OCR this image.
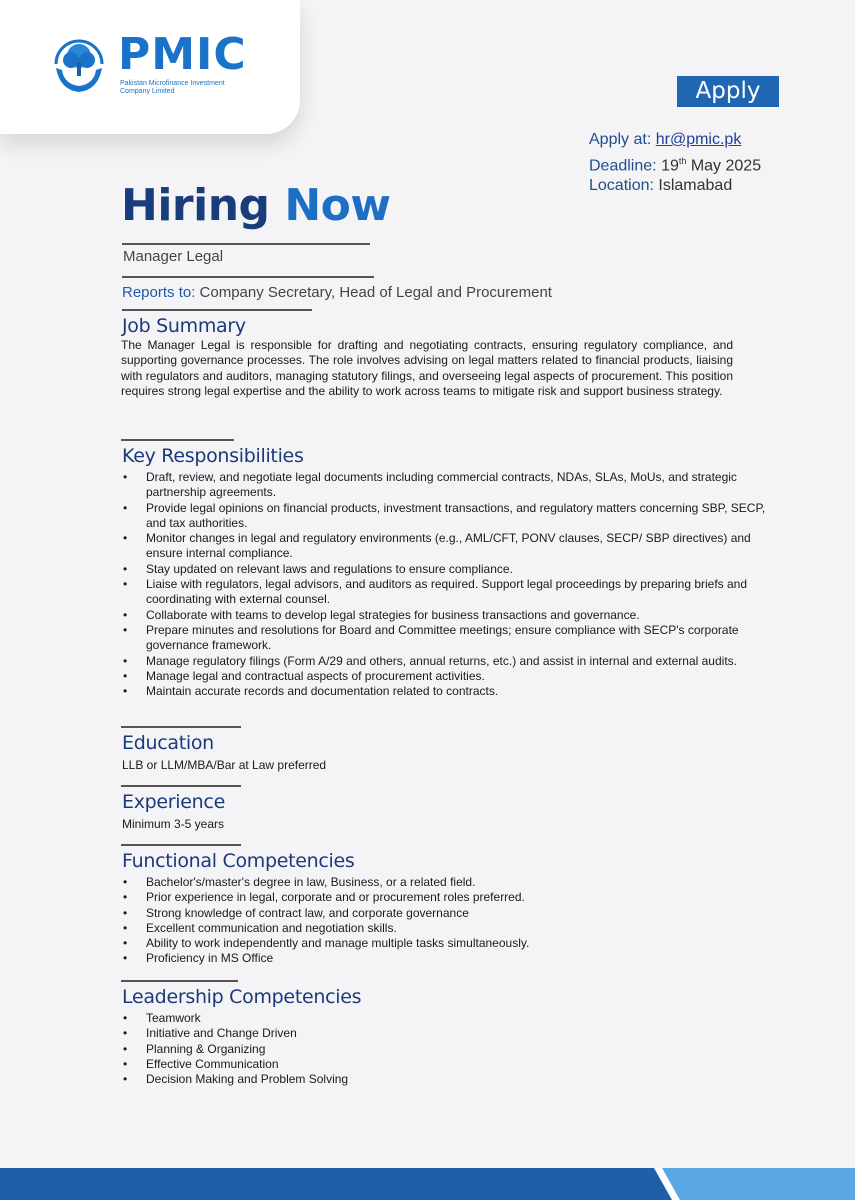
PMIC
Pakistan Microfinance Investment Company Limited	Apply
Apply at: hr@pmic.pk
Deadline: 19th May 2025
Location: Islamabad
Hiring Now
Manager Legal
Reports to: Company Secretary, Head of Legal and Procurement
Job Summary

The Manager Legal is responsible for drafting and negotiating contracts, ensuring regulatory compliance, and supporting governance processes. The role involves advising on legal matters related to financial products, liaising with regulators and auditors, managing statutory filings, and overseeing legal aspects of procurement. This position requires strong legal expertise and the ability to work across teams to mitigate risk and support business strategy.

Key Responsibilities
• Draft, review, and negotiate legal documents including commercial contracts, NDAs, SLAs, MoUs, and strategic partnership agreements.
• Provide legal opinions on financial products, investment transactions, and regulatory matters concerning SBP, SECP, and tax authorities.
• Monitor changes in legal and regulatory environments (e.g., AML/CFT, PONV clauses, SECP/ SBP directives) and ensure internal compliance.
• Stay updated on relevant laws and regulations to ensure compliance.
• Liaise with regulators, legal advisors, and auditors as required. Support legal proceedings by preparing briefs and coordinating with external counsel.
• Collaborate with teams to develop legal strategies for business transactions and governance.
• Prepare minutes and resolutions for Board and Committee meetings; ensure compliance with SECP's corporate governance framework.
• Manage regulatory filings (Form A/29 and others, annual returns, etc.) and assist in internal and external audits.
• Manage legal and contractual aspects of procurement activities.
• Maintain accurate records and documentation related to contracts.
Education
LLB or LLM/MBA/Bar at Law preferred
Experience
Minimum 3-5 years
Functional Competencies
• Bachelor's/master's degree in law, Business, or a related field.
• Prior experience in legal, corporate and or procurement roles preferred.
• Strong knowledge of contract law, and corporate governance
• Excellent communication and negotiation skills.
• Ability to work independently and manage multiple tasks simultaneously.
• Proficiency in MS Office
Leadership Competencies
• Teamwork
• Initiative and Change Driven
• Planning & Organizing
• Effective Communication
• Decision Making and Problem Solving
